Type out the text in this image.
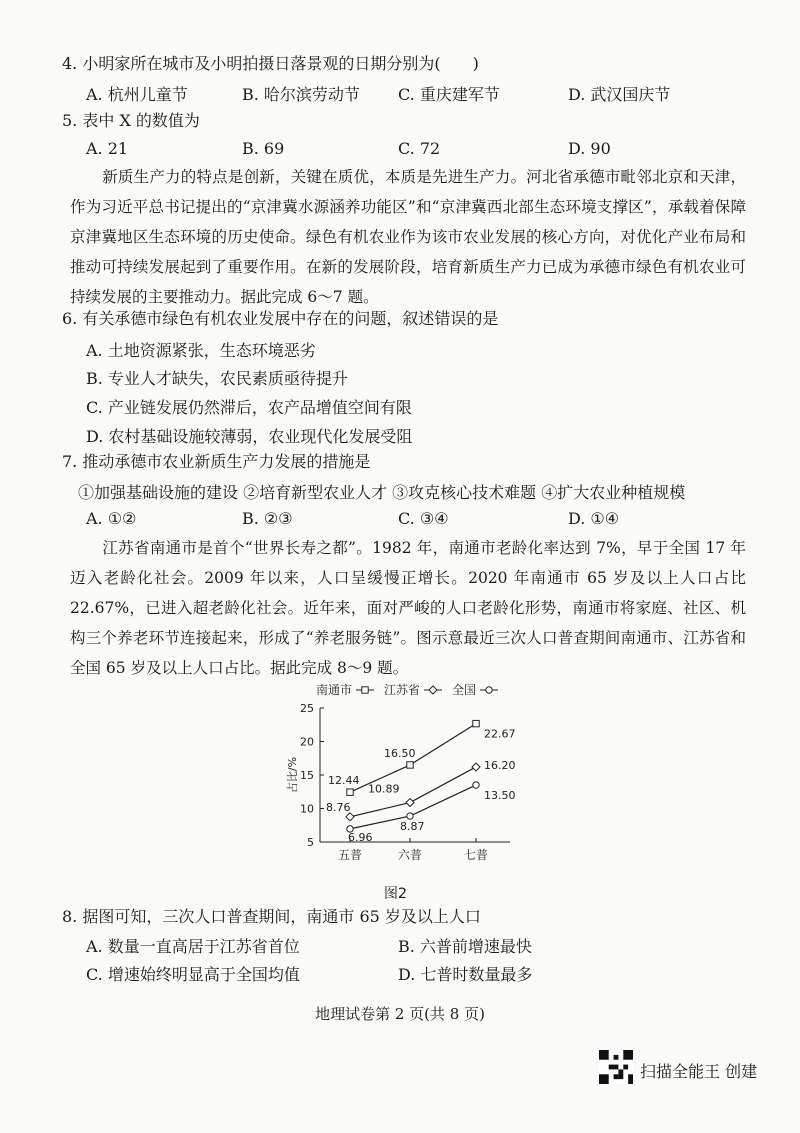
4. 小明家所在城市及小明拍摄日落景观的日期分别为(　　)
A. 杭州儿童节	B. 哈尔滨劳动节 C. 重庆建军节	D. 武汉国庆节
5. 表中 X 的数值为
A. 21	B. 69	C. 72	D. 90
新质生产力的特点是创新，关键在质优，本质是先进生产力。河北省承德市毗邻北京和天津，作为习近平总书记提出的“京津冀水源涵养功能区”和“京津冀西北部生态环境支撑区”，承载着保障京津冀地区生态环境的历史使命。绿色有机农业作为该市农业发展的核心方向，对优化产业布局和推动可持续发展起到了重要作用。在新的发展阶段，培育新质生产力已成为承德市绿色有机农业可持续发展的主要推动力。据此完成 6～7 题。
6. 有关承德市绿色有机农业发展中存在的问题，叙述错误的是
A. 土地资源紧张，生态环境恶劣
B. 专业人才缺失，农民素质亟待提升
C. 产业链发展仍然滞后，农产品增值空间有限
D. 农村基础设施较薄弱，农业现代化发展受阻
7. 推动承德市农业新质生产力发展的措施是
①加强基础设施的建设 ②培育新型农业人才 ③攻克核心技术难题 ④扩大农业种植规模
A. ①②	B. ②③	C. ③④	D. ①④
江苏省南通市是首个“世界长寿之都”。1982 年，南通市老龄化率达到 7%，早于全国 17 年迈入老龄化社会。2009 年以来，人口呈缓慢正增长。2020 年南通市 65 岁及以上人口占比 22.67%，已进入超老龄化社会。近年来，面对严峻的人口老龄化形势，南通市将家庭、社区、机构三个养老环节连接起来，形成了“养老服务链”。图示意最近三次人口普查期间南通市、江苏省和全国 65 岁及以上人口占比。据此完成 8～9 题。
5
10
15
20
25
占比/%
五普	六普	七普
12.44
16.50
22.67
8.76
10.89
16.20
6.96
8.87
13.50
南通市	江苏省	全国
图2
8. 据图可知，三次人口普查期间，南通市 65 岁及以上人口
A. 数量一直高居于江苏省首位	B. 六普前增速最快
C. 增速始终明显高于全国均值	D. 七普时数量最多
地理试卷第 2 页(共 8 页)
扫描全能王 创建
